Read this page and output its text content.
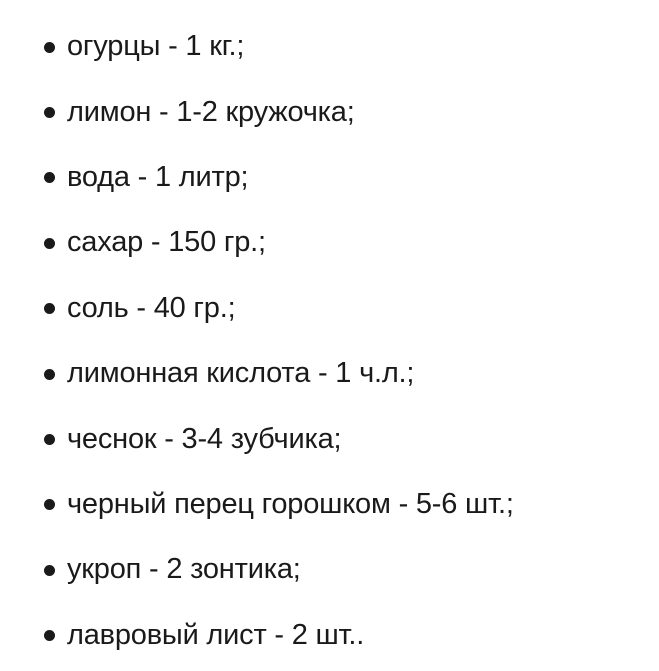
огурцы - 1 кг.;
лимон - 1-2 кружочка;
вода - 1 литр;
сахар - 150 гр.;
соль - 40 гр.;
лимонная кислота - 1 ч.л.;
чеснок - 3-4 зубчика;
черный перец горошком - 5-6 шт.;
укроп - 2 зонтика;
лавровый лист - 2 шт..
